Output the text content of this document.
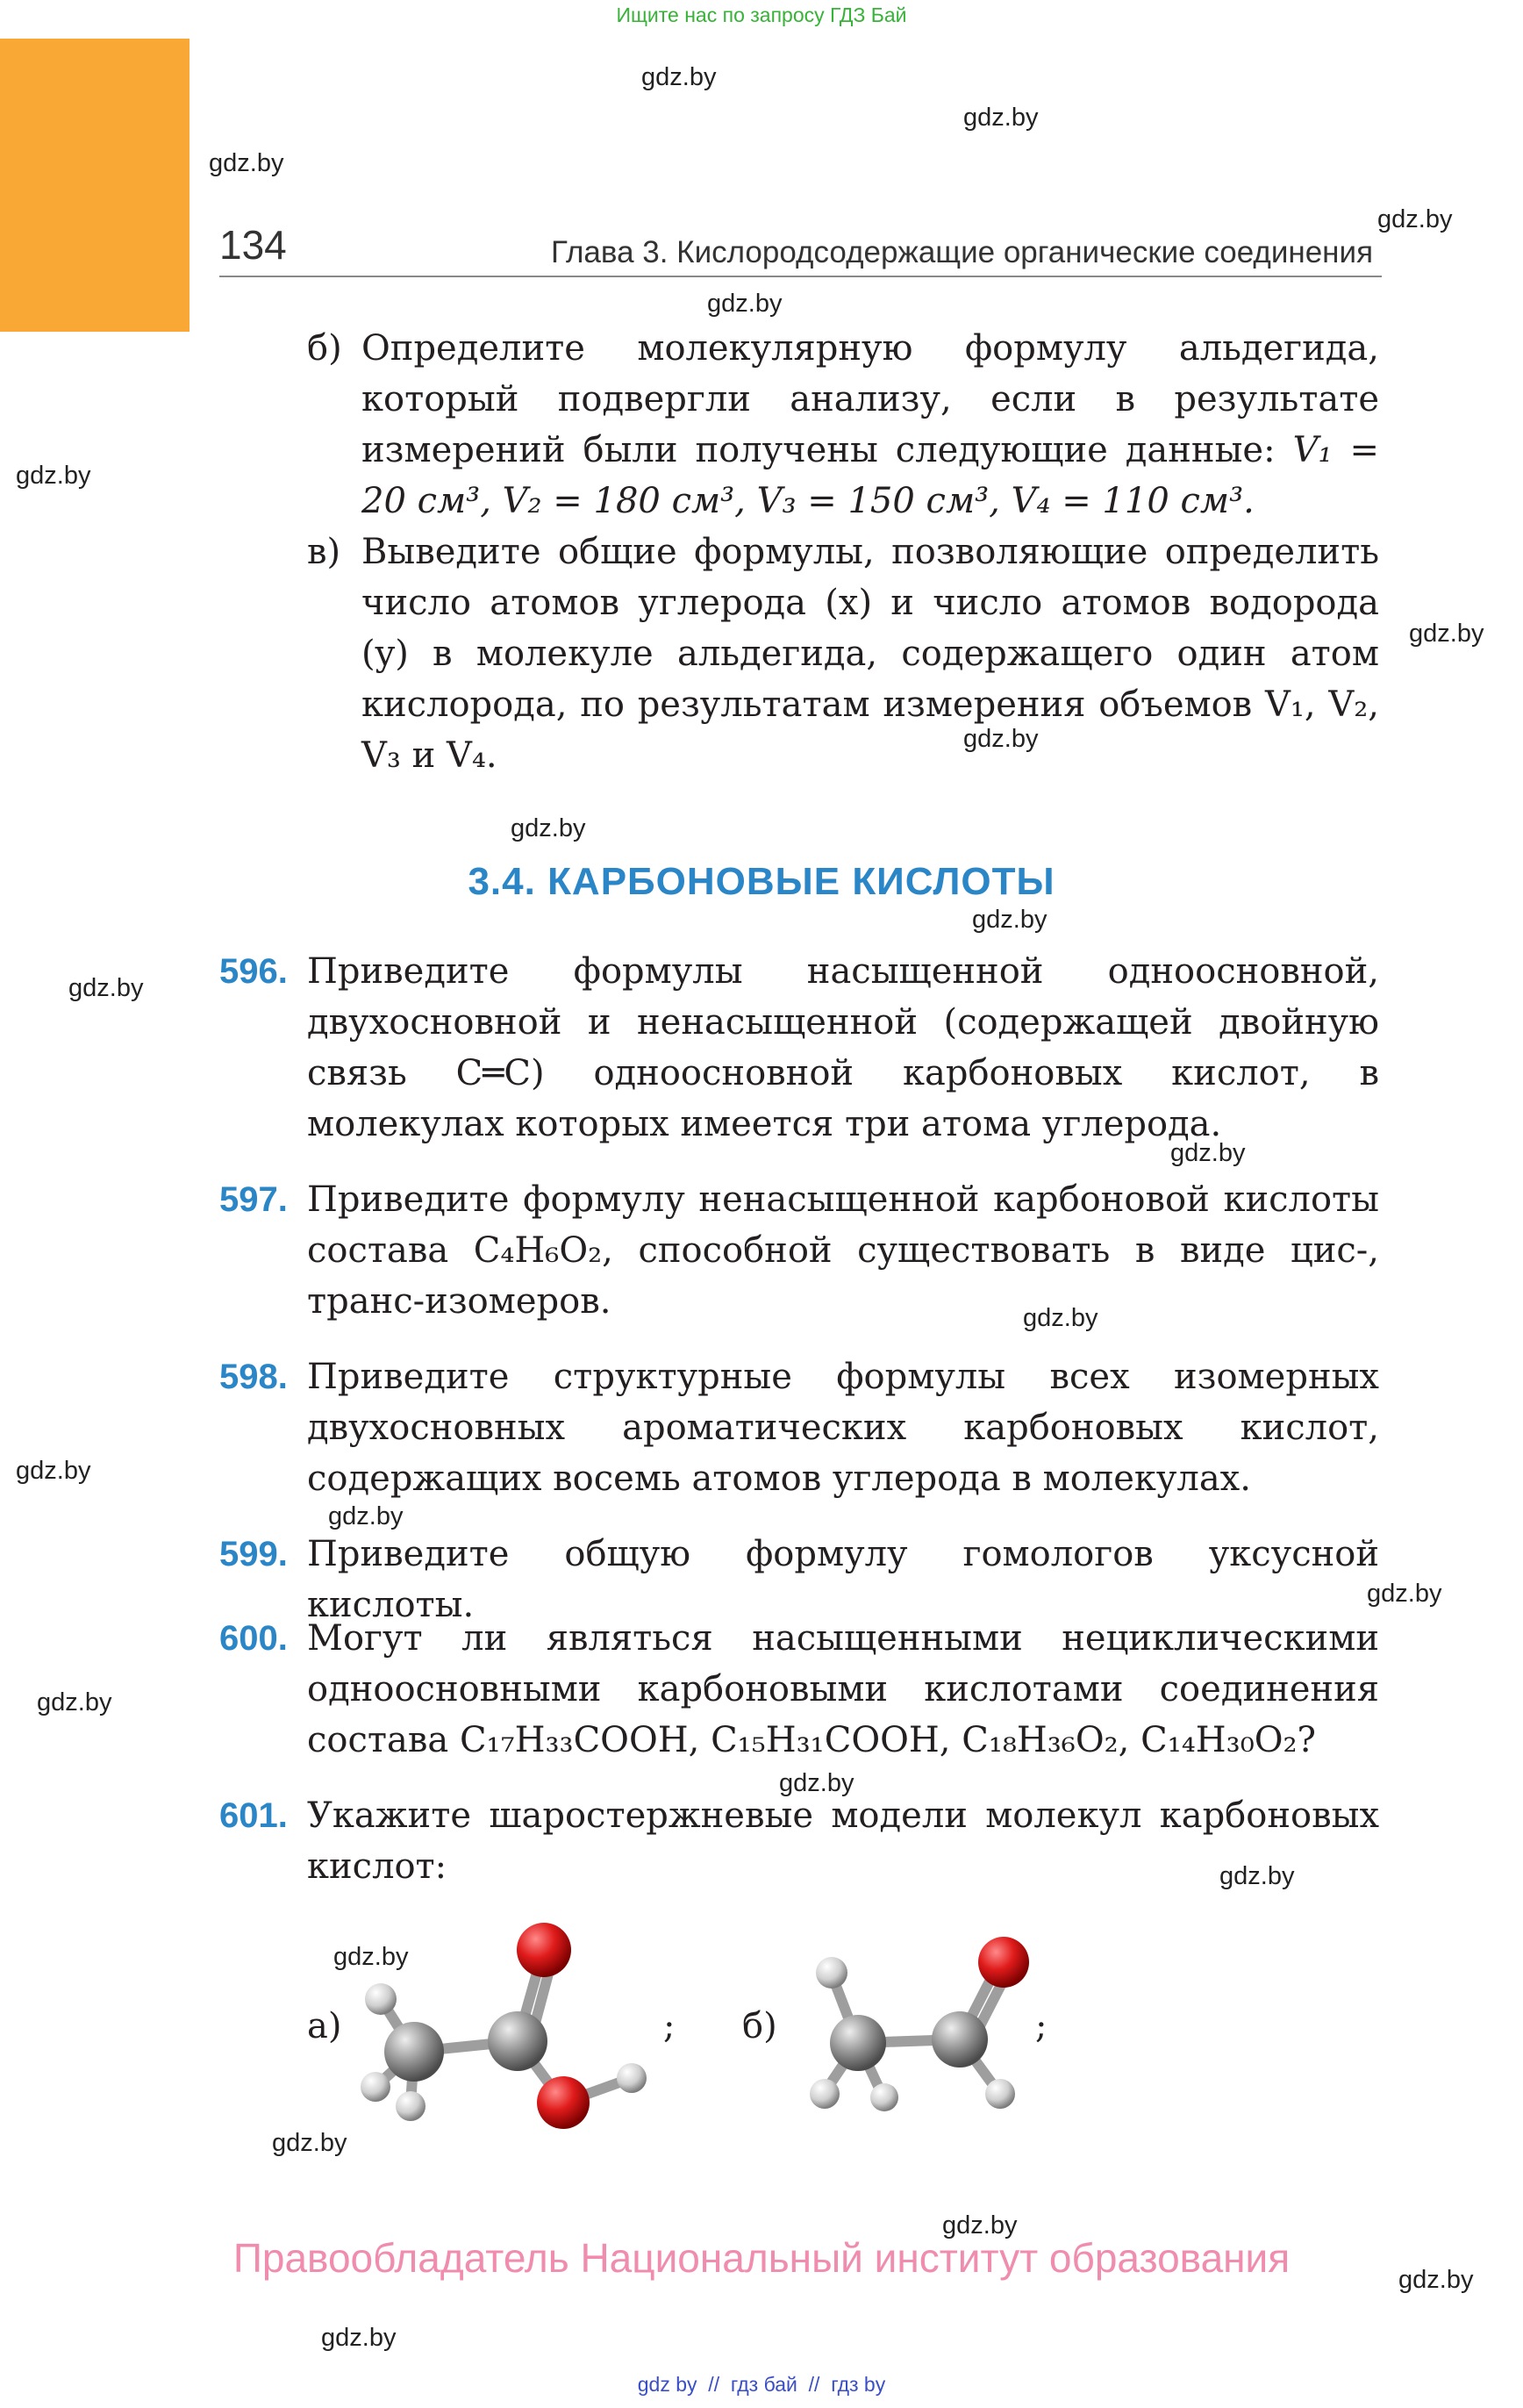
Ищите нас по запросу ГДЗ Бай
gdz.by
gdz.by
gdz.by
gdz.by
gdz.by
gdz.by
gdz.by
gdz.by
gdz.by
gdz.by
gdz.by
gdz.by
gdz.by
gdz.by
gdz.by
gdz.by
gdz.by
gdz.by
gdz.by
gdz.by
gdz.by
gdz.by
gdz.by
gdz.by
134	Глава 3. Кислородсодержащие органические соединения
б) Определите молекулярную формулу альдегида, который подвергли анализу, если в результате измерений были получены следующие данные: V₁ = 20 см³, V₂ = 180 см³, V₃ = 150 см³, V₄ = 110 см³.
в) Выведите общие формулы, позволяющие определить число атомов углерода (x) и число атомов водорода (y) в молекуле альдегида, содержащего один атом кислорода, по результатам измерения объемов V₁, V₂, V₃ и V₄.
3.4. КАРБОНОВЫЕ КИСЛОТЫ
596. Приведите формулы насыщенной одноосновной, двухосновной и ненасыщенной (содержащей двойную связь C═C) одноосновной карбоновых кислот, в молекулах которых имеется три атома углерода.
597. Приведите формулу ненасыщенной карбоновой кислоты состава C₄H₆O₂, способной существовать в виде цис-, транс-изомеров.
598. Приведите структурные формулы всех изомерных двухосновных ароматических карбоновых кислот, содержащих восемь атомов углерода в молекулах.
599. Приведите общую формулу гомологов уксусной кислоты.
600. Могут ли являться насыщенными нециклическими одноосновными карбоновыми кислотами соединения состава C₁₇H₃₃COOH, C₁₅H₃₁COOH, C₁₈H₃₆O₂, C₁₄H₃₀O₂?
601. Укажите шаростержневые модели молекул карбоновых кислот:
а)	; б)	;
Правообладатель Национальный институт образования
gdz by  //  гдз бай  //  гдз by
